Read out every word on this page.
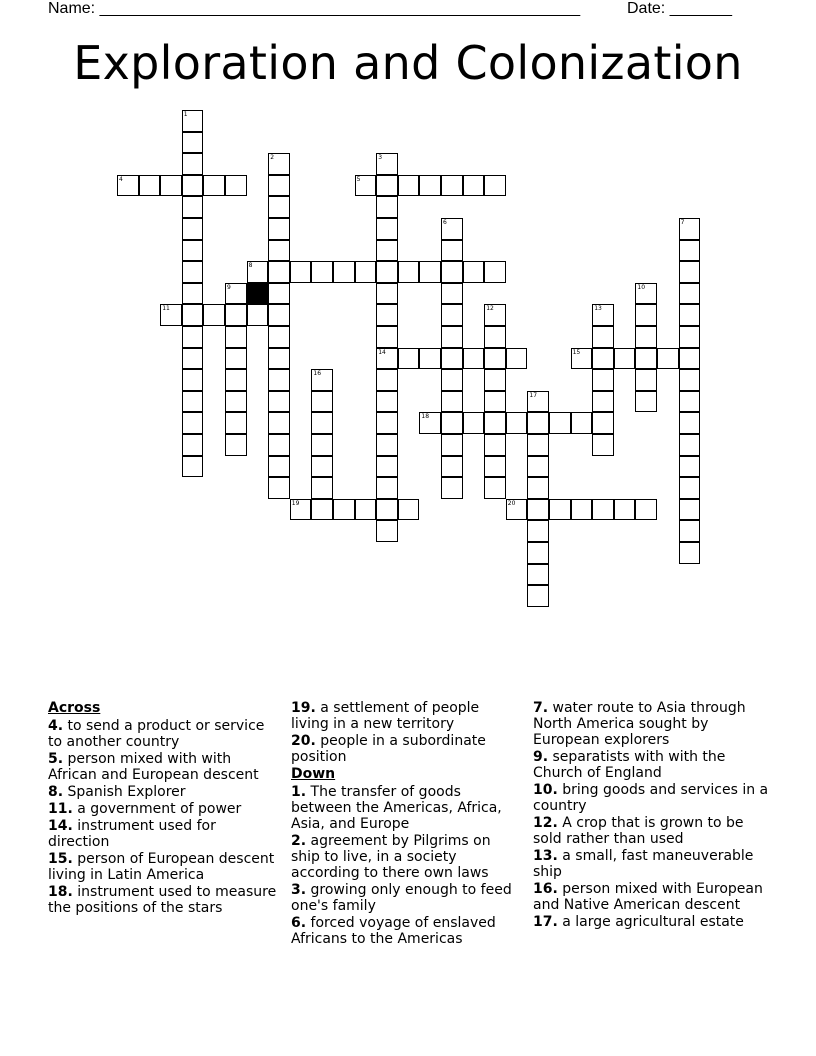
Name: ______________________________________________________	Date: _______
Exploration and Colonization
1
2	3
14
4	5
6	7
8
9	10
11	12	13
15
16
17
18
19	20
Across
4. to send a product or service to another country
5. person mixed with with African and European descent
8. Spanish Explorer
11. a government of power
14. instrument used for direction
15. person of European descent living in Latin America
18. instrument used to measure the positions of the stars
19. a settlement of people living in a new territory
20. people in a subordinate position
Down
1. The transfer of goods between the Americas, Africa, Asia, and Europe
2. agreement by Pilgrims on ship to live, in a society according to there own laws
3. growing only enough to feed one's family
6. forced voyage of enslaved Africans to the Americas
7. water route to Asia through North America sought by European explorers
9. separatists with with the Church of England
10. bring goods and services in a country
12. A crop that is grown to be sold rather than used
13. a small, fast maneuverable ship
16. person mixed with European and Native American descent
17. a large agricultural estate
